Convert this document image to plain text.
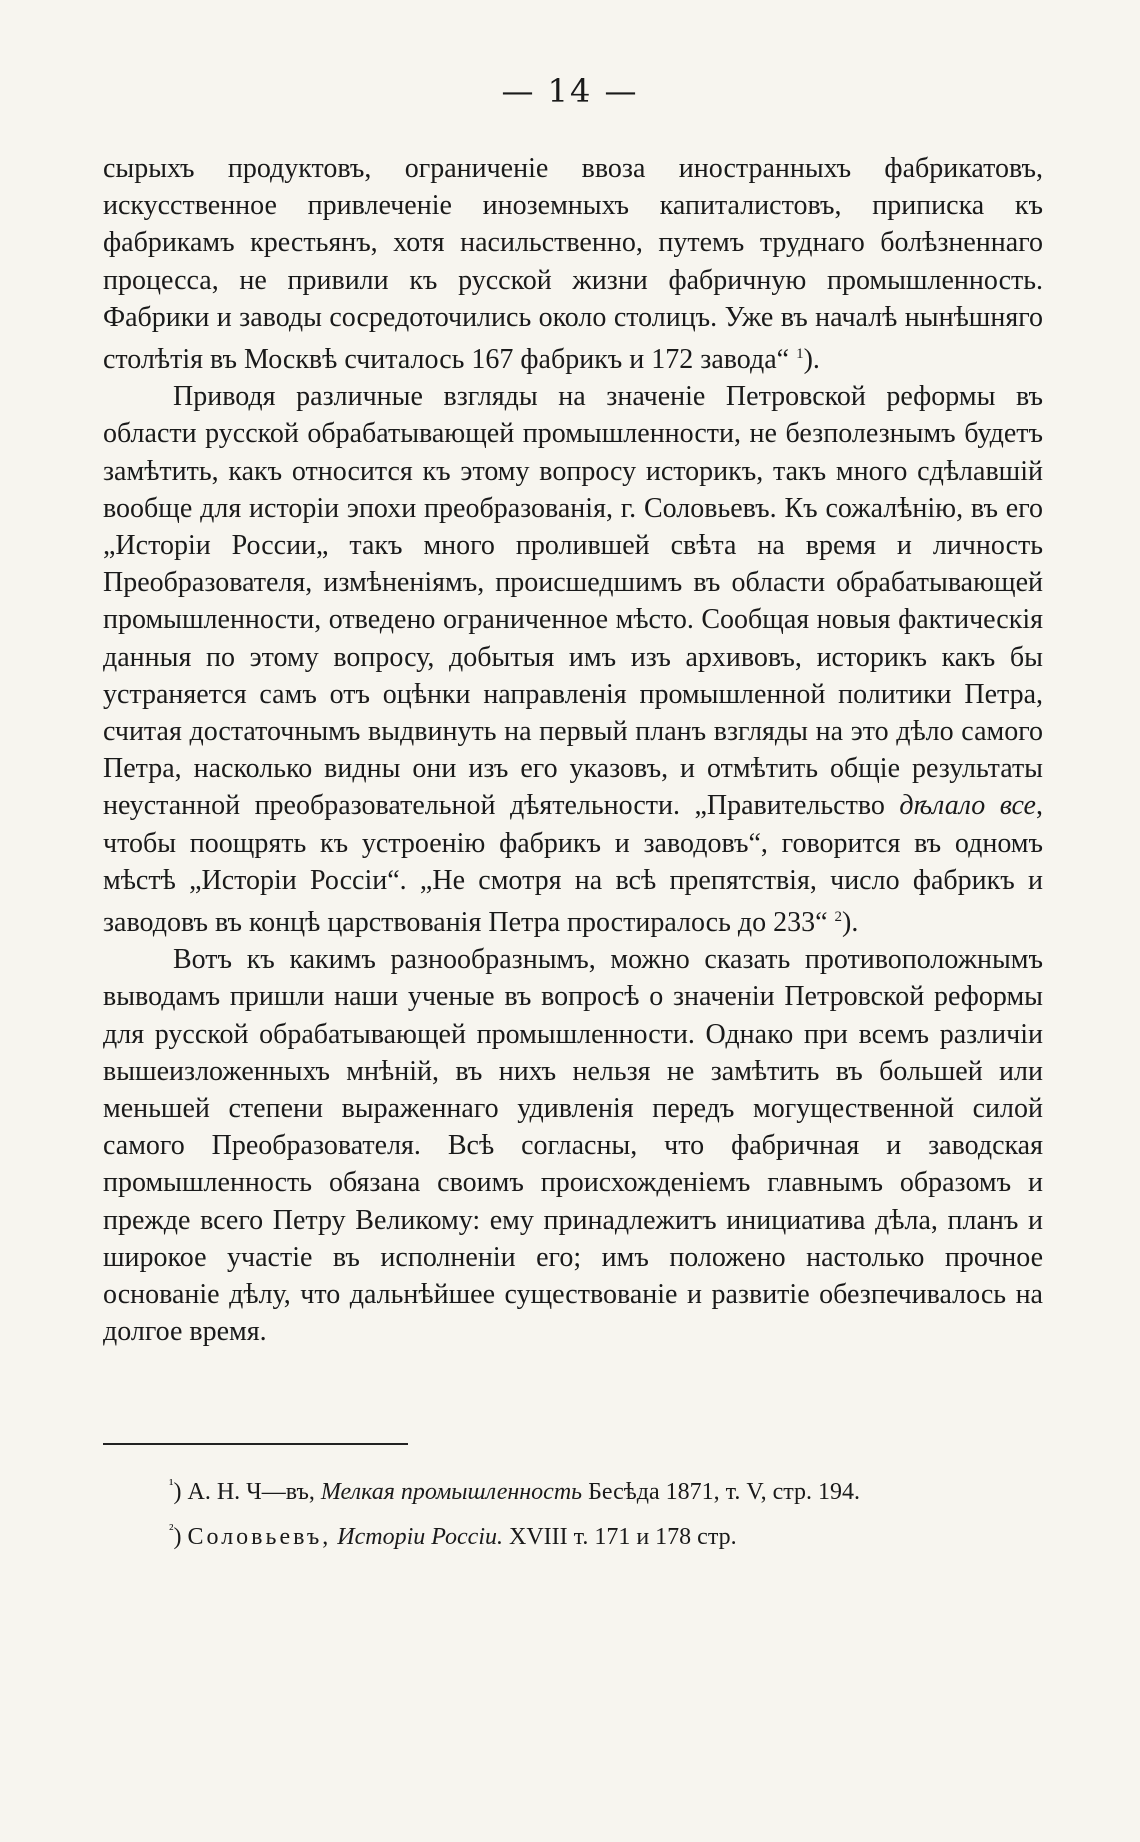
— 14 —

сырыхъ продуктовъ, ограниченіе ввоза иностранныхъ фабрикатовъ, искусственное привлеченіе иноземныхъ капиталистовъ, приписка къ фабрикамъ крестьянъ, хотя насильственно, путемъ труднаго болѣзненнаго процесса, не привили къ русской жизни фабричную промышленность. Фабрики и заводы сосредоточились около столицъ. Уже въ началѣ нынѣшняго столѣтія въ Москвѣ считалось 167 фабрикъ и 172 завода“ $^1$).

Приводя различные взгляды на значеніе Петровской реформы въ области русской обрабатывающей промышленности, не безполезнымъ будетъ замѣтить, какъ относится къ этому вопросу историкъ, такъ много сдѣлавшій вообще для исторіи эпохи преобразованія, г. Соловьевъ. Къ сожалѣнію, въ его „Исторіи России„ такъ много пролившей свѣта на время и личность Преобразователя, измѣненіямъ, происшедшимъ въ области обрабатывающей промышленности, отведено ограниченное мѣсто. Сообщая новыя фактическія данныя по этому вопросу, добытыя имъ изъ архивовъ, историкъ какъ бы устраняется самъ отъ оцѣнки направленія промышленной политики Петра, считая достаточнымъ выдвинуть на первый планъ взгляды на это дѣло самого Петра, насколько видны они изъ его указовъ, и отмѣтить общіе результаты неустанной преобразовательной дѣятельности. „Правительство дѣлало все, чтобы поощрять къ устроенію фабрикъ и заводовъ“, говорится въ одномъ мѣстѣ „Исторіи Россіи“. „Не смотря на всѣ препятствія, число фабрикъ и заводовъ въ концѣ царствованія Петра простиралось до 233“ $^2$).

Вотъ къ какимъ разнообразнымъ, можно сказать противоположнымъ выводамъ пришли наши ученые въ вопросѣ о значеніи Петровской реформы для русской обрабатывающей промышленности. Однако при всемъ различіи вышеизложенныхъ мнѣній, въ нихъ нельзя не замѣтить въ большей или меньшей степени выраженнаго удивленія передъ могущественной силой самого Преобразователя. Всѣ согласны, что фабричная и заводская промышленность обязана своимъ происхожденіемъ главнымъ образомъ и прежде всего Петру Великому: ему принадлежитъ инициатива дѣла, планъ и широкое участіе въ исполненіи его; имъ положено настолько прочное основаніе дѣлу, что дальнѣйшее существованіе и развитіе обезпечивалось на долгое время.

$^{^1}$) А. Н. Ч—въ, Мелкая промышленность Бесѣда 1871, т. V, стр. 194.
$^{^2}$) Соловьевъ, Исторіи Россіи. XVIII т. 171 и 178 стр.
